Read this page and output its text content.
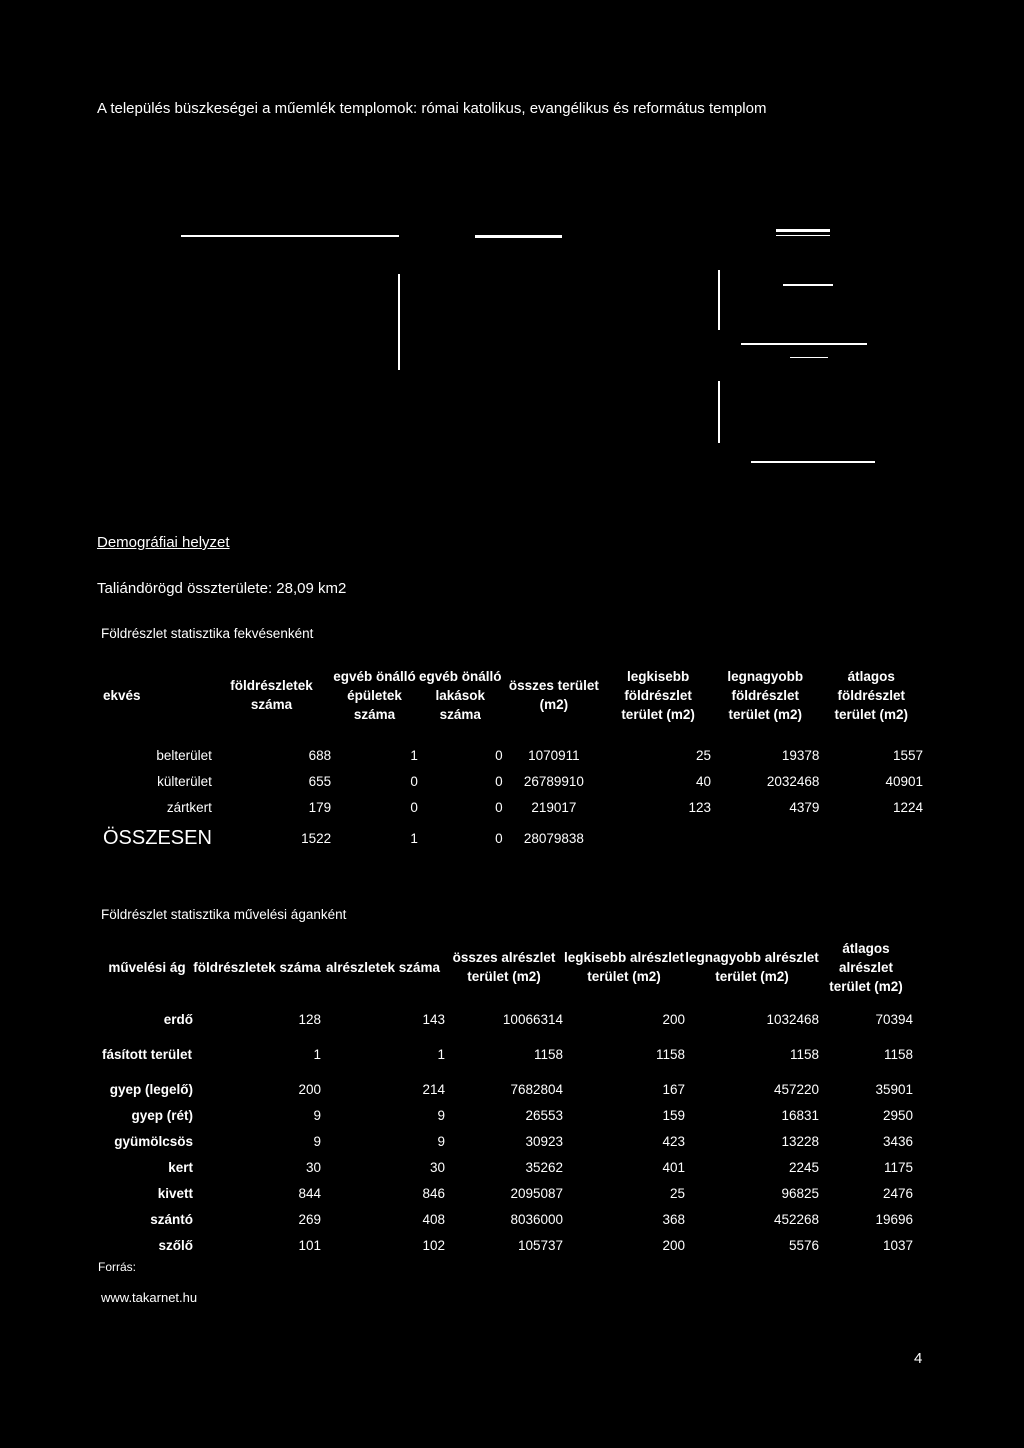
A település büszkeségei a műemlék templomok: római katolikus, evangélikus és református templom
Demográfiai helyzet
Taliándörögd összterülete: 28,09 km2
Földrészlet statisztika fekvésenként
ekvés	földrészletek száma	egvéb önálló épületek száma	egvéb önálló lakások száma	összes terület (m2)	legkisebb földrészlet terület (m2)	legnagyobb földrészlet terület (m2)	átlagos földrészlet terület (m2)
belterület	688	1	0	1070911	25	19378	1557
külterület	655	0	0	26789910	40	2032468	40901
zártkert	179	0	0	219017	123	4379	1224
ÖSSZESEN	1522	1	0	28079838			
Földrészlet statisztika művelési áganként
művelési ág	földrészletek száma	alrészletek száma	összes alrészlet terület (m2)	legkisebb alrészlet terület (m2)	legnagyobb alrészlet terület (m2)	átlagos alrészlet terület (m2)
erdő	128	143	10066314	200	1032468	70394
fásított terület	1	1	1158	1158	1158	1158
gyep (legelő)	200	214	7682804	167	457220	35901
gyep (rét)	9	9	26553	159	16831	2950
gyümölcsös	9	9	30923	423	13228	3436
kert	30	30	35262	401	2245	1175
kivett	844	846	2095087	25	96825	2476
szántó	269	408	8036000	368	452268	19696
szőlő	101	102	105737	200	5576	1037
Forrás:
www.takarnet.hu
4
